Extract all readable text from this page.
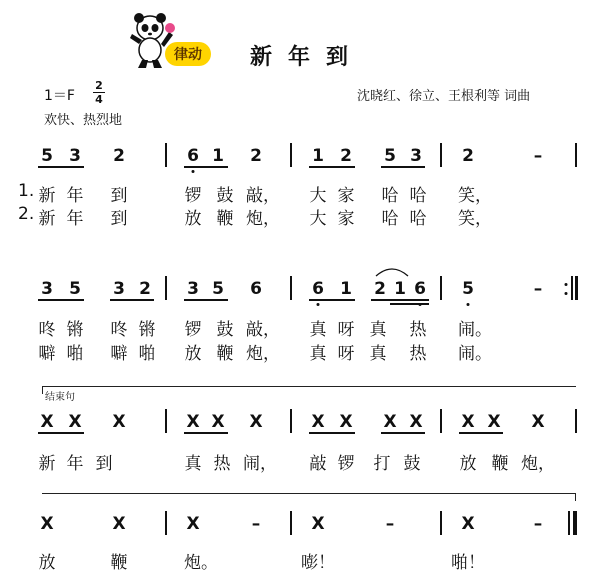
律动	新年到
1＝F
2
4
欢快、热烈地
沈晓红、徐立、王根利等 词曲
5 3 2	6 1 2	1 2 5 3 2	–
1.
2.
新 年 到	锣 鼓 敲， 大 家 哈 哈 笑，
新 年 到	放 鞭 炮， 大 家 哈 哈 笑，
3 5 3 2 3 5 6	6 1 2 1 6 5	–
咚 锵 咚 锵 锣 鼓 敲， 真 呀 真 热 闹。
噼 啪 噼 啪 放 鞭 炮， 真 呀 真 热 闹。
结束句
X X X	X X X	X X X X X X X
新 年 到	真 热 闹， 敲 锣 打 鼓 放 鞭 炮，
X	X	X	–	X	–	X	–
放	鞭	炮。	嘭！	啪！
